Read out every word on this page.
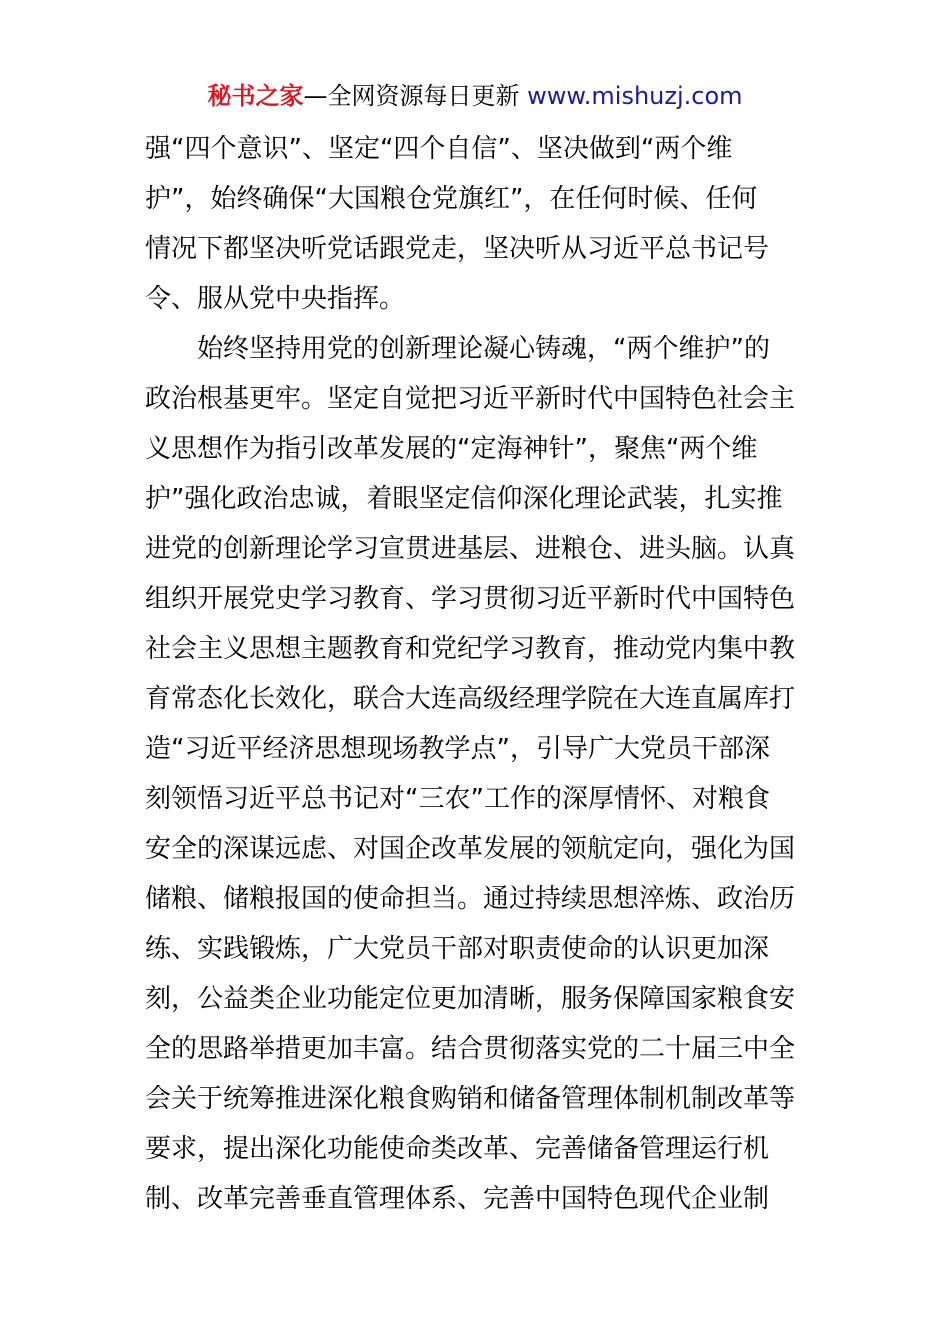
秘书之家—全网资源每日更新 www.mishuzj.com
强“四个意识”、坚定“四个自信”、坚决做到“两个维
护”，始终确保“大国粮仓党旗红”，在任何时候、任何
情况下都坚决听党话跟党走，坚决听从习近平总书记号
令、服从党中央指挥。
始终坚持用党的创新理论凝心铸魂，“两个维护”的
政治根基更牢。坚定自觉把习近平新时代中国特色社会主
义思想作为指引改革发展的“定海神针”，聚焦“两个维
护”强化政治忠诚，着眼坚定信仰深化理论武装，扎实推
进党的创新理论学习宣贯进基层、进粮仓、进头脑。认真
组织开展党史学习教育、学习贯彻习近平新时代中国特色
社会主义思想主题教育和党纪学习教育，推动党内集中教
育常态化长效化，联合大连高级经理学院在大连直属库打
造“习近平经济思想现场教学点”，引导广大党员干部深
刻领悟习近平总书记对“三农”工作的深厚情怀、对粮食
安全的深谋远虑、对国企改革发展的领航定向，强化为国
储粮、储粮报国的使命担当。通过持续思想淬炼、政治历
练、实践锻炼，广大党员干部对职责使命的认识更加深
刻，公益类企业功能定位更加清晰，服务保障国家粮食安
全的思路举措更加丰富。结合贯彻落实党的二十届三中全
会关于统筹推进深化粮食购销和储备管理体制机制改革等
要求，提出深化功能使命类改革、完善储备管理运行机
制、改革完善垂直管理体系、完善中国特色现代企业制
